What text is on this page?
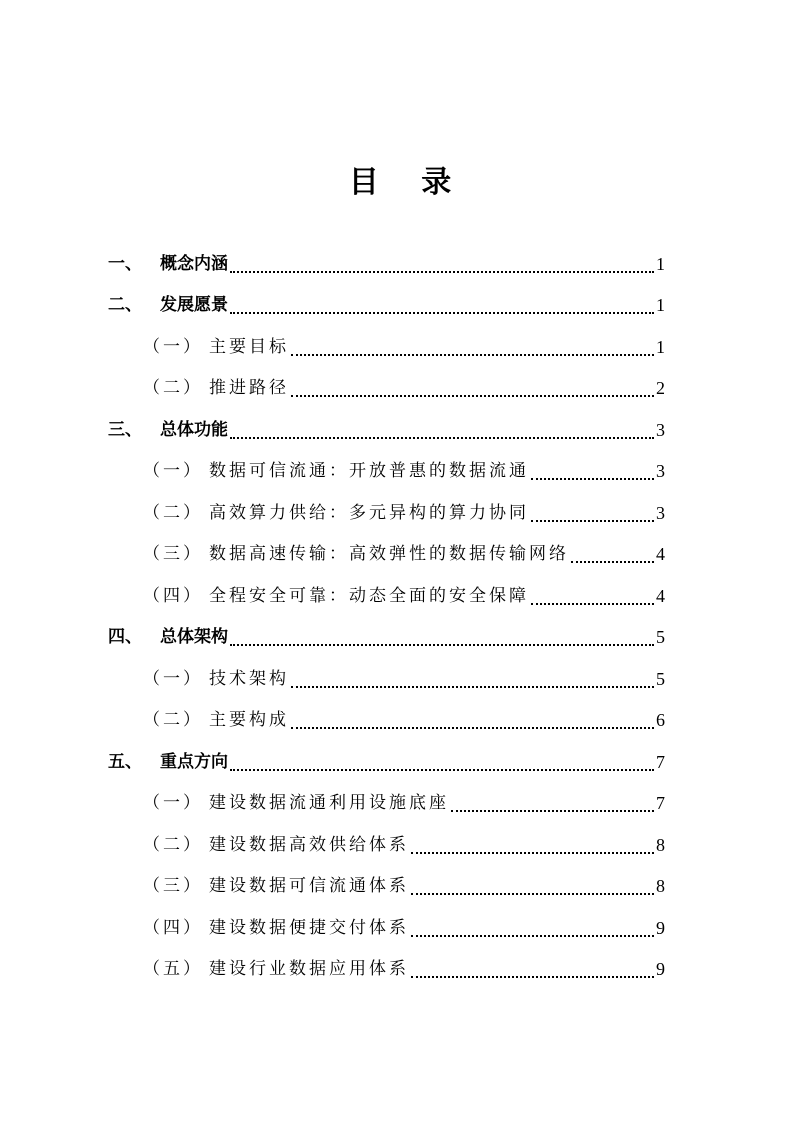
目 录
一、	概念内涵	1
二、	发展愿景	1
（一） 主要目标	1
（二） 推进路径	2
三、	总体功能	3
（一） 数据可信流通：开放普惠的数据流通	3
（二） 高效算力供给：多元异构的算力协同	3
（三） 数据高速传输：高效弹性的数据传输网络	4
（四） 全程安全可靠：动态全面的安全保障	4
四、	总体架构	5
（一） 技术架构	5
（二） 主要构成	6
五、	重点方向	7
（一） 建设数据流通利用设施底座	7
（二） 建设数据高效供给体系	8
（三） 建设数据可信流通体系	8
（四） 建设数据便捷交付体系	9
（五） 建设行业数据应用体系	9
